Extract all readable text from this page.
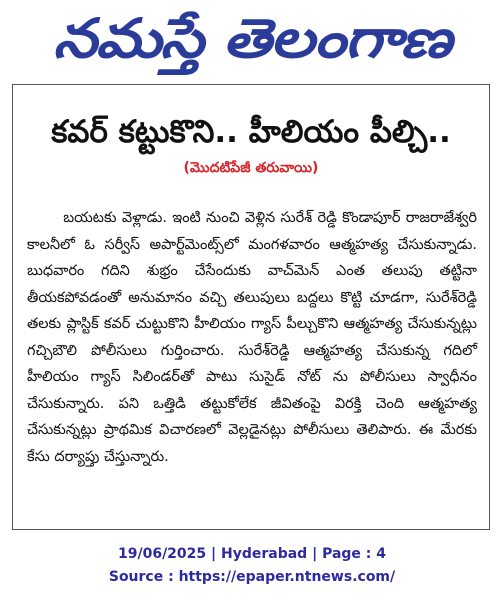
నమస్తే తెలంగాణ
కవర్ కట్టుకొని.. హీలియం పీల్చి..
(మొదటిపేజీ తరువాయి)
బయటకు వెళ్లాడు. ఇంటి నుంచి వెళ్లిన సురేశ్ రెడ్డి కొండాపూర్ రాజరాజేశ్వరి కాలనీలో ఓ సర్వీస్ అపార్ట్‌మెంట్స్‌లో మంగళవారం ఆత్మహత్య చేసుకున్నాడు. బుధవారం గదిని శుభ్రం చేసేందుకు వాచ్‌మెన్ ఎంత తలుపు తట్టినా తీయకపోవడంతో అనుమానం వచ్చి తలుపులు బద్దలు కొట్టి చూడగా, సురేశ్‌రెడ్డి తలకు ప్లాస్టిక్ కవర్ చుట్టుకొని హీలియం గ్యాస్ పీల్చుకొని ఆత్మహత్య చేసుకున్నట్లు గచ్చిబౌలి పోలీసులు గుర్తించారు. సురేశ్‌రెడ్డి ఆత్మహత్య చేసుకున్న గదిలో హీలియం గ్యాస్ సిలిండర్‌తో పాటు సుసైడ్ నోట్ ను పోలీసులు స్వాధీనం చేసుకున్నారు. పని ఒత్తిడి తట్టుకోలేక జీవితంపై విరక్తి చెంది ఆత్మహత్య చేసుకున్నట్లు ప్రాథమిక విచారణలో వెల్లడైనట్లు పోలీసులు తెలిపారు. ఈ మేరకు కేసు దర్యాప్తు చేస్తున్నారు.
19/06/2025 | Hyderabad | Page : 4
Source : https://epaper.ntnews.com/
